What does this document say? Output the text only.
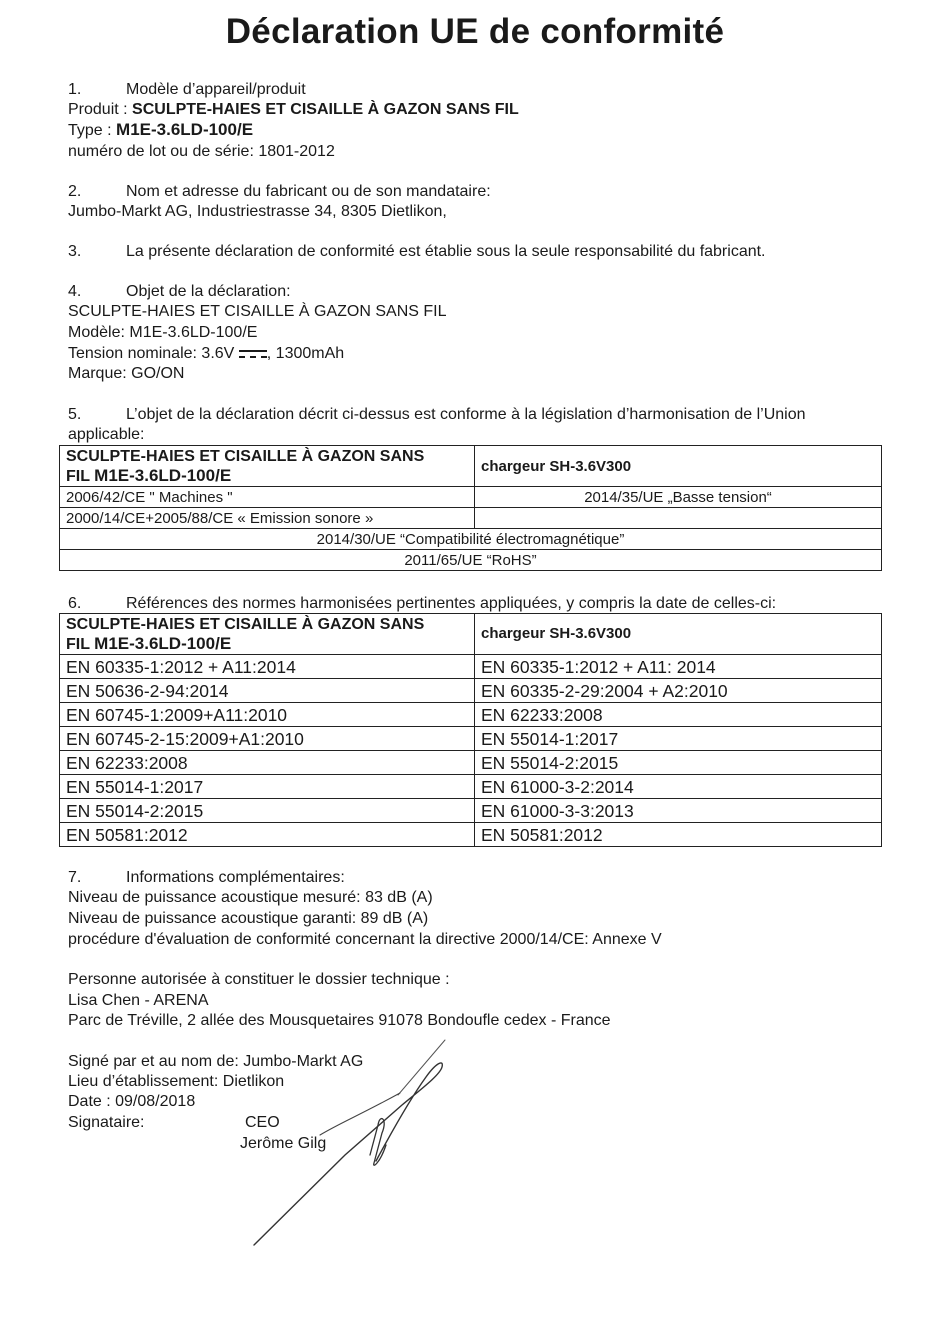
Déclaration UE de conformité
1.	Modèle d’appareil/produit
Produit : SCULPTE-HAIES ET CISAILLE À GAZON SANS FIL
Type : M1E-3.6LD-100/E
numéro de lot ou de série: 1801-2012
2.	Nom et adresse du fabricant ou de son mandataire:
Jumbo-Markt AG, Industriestrasse 34, 8305 Dietlikon,
3.	La présente déclaration de conformité est établie sous la seule responsabilité du fabricant.
4.	Objet de la déclaration:
SCULPTE-HAIES ET CISAILLE À GAZON SANS FIL
Modèle: M1E-3.6LD-100/E
Tension nominale: 3.6V , 1300mAh
Marque: GO/ON
5.	L’objet de la déclaration décrit ci-dessus est conforme à la législation d’harmonisation de l’Union
applicable:
SCULPTE-HAIES ET CISAILLE À GAZON SANS
FIL M1E-3.6LD-100/E	chargeur SH-3.6V300
2006/42/CE " Machines "	2014/35/UE „Basse tension“
2000/14/CE+2005/88/CE « Emission sonore »	
2014/30/UE “Compatibilité électromagnétique”	
2011/65/UE “RoHS”	
6.	Références des normes harmonisées pertinentes appliquées, y compris la date de celles-ci:
SCULPTE-HAIES ET CISAILLE À GAZON SANS
FIL M1E-3.6LD-100/E	chargeur SH-3.6V300
EN 60335-1:2012 + A11:2014	EN 60335-1:2012 + A11: 2014
EN 50636-2-94:2014	EN 60335-2-29:2004 + A2:2010
EN 60745-1:2009+A11:2010	EN 62233:2008
EN 60745-2-15:2009+A1:2010	EN 55014-1:2017
EN 62233:2008	EN 55014-2:2015
EN 55014-1:2017	EN 61000-3-2:2014
EN 55014-2:2015	EN 61000-3-3:2013
EN 50581:2012	EN 50581:2012
7.	Informations complémentaires:
Niveau de puissance acoustique mesuré: 83 dB (A)
Niveau de puissance acoustique garanti: 89 dB (A)
procédure d'évaluation de conformité concernant la directive 2000/14/CE: Annexe V
Personne autorisée à constituer le dossier technique :
Lisa Chen - ARENA
Parc de Tréville, 2 allée des Mousquetaires 91078 Bondoufle cedex - France
Signé par et au nom de: Jumbo-Markt AG
Lieu d’établissement: Dietlikon
Date : 09/08/2018
Signataire:	CEO
Jerôme Gilg
